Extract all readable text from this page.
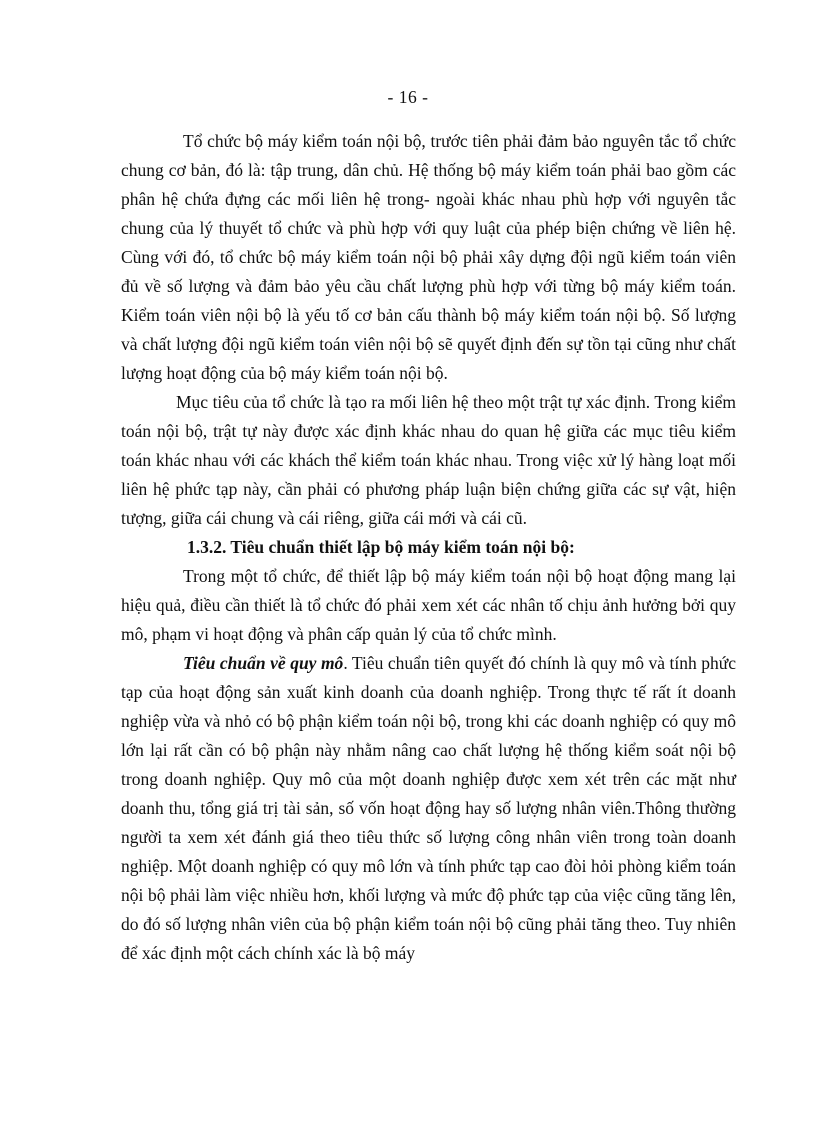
- 16 -

Tổ chức bộ máy kiểm toán nội bộ, trước tiên phải đảm bảo nguyên tắc tổ chức chung cơ bản, đó là: tập trung, dân chủ. Hệ thống bộ máy kiểm toán phải bao gồm các phân hệ chứa đựng các mối liên hệ trong- ngoài khác nhau phù hợp với nguyên tắc chung của lý thuyết tổ chức và phù hợp với quy luật của phép biện chứng về liên hệ. Cùng với đó, tổ chức bộ máy kiểm toán nội bộ phải xây dựng đội ngũ kiểm toán viên đủ về số lượng và đảm bảo yêu cầu chất lượng phù hợp với từng bộ máy kiểm toán. Kiểm toán viên nội bộ là yếu tố cơ bản cấu thành bộ máy kiểm toán nội bộ. Số lượng và chất lượng đội ngũ kiểm toán viên nội bộ sẽ quyết định đến sự tồn tại cũng như chất lượng hoạt động của bộ máy kiểm toán nội bộ.

Mục tiêu của tổ chức là tạo ra mối liên hệ theo một trật tự xác định. Trong kiểm toán nội bộ, trật tự này được xác định khác nhau do quan hệ giữa các mục tiêu kiểm toán khác nhau với các khách thể kiểm toán khác nhau. Trong việc xử lý hàng loạt mối liên hệ phức tạp này, cần phải có phương pháp luận biện chứng giữa các sự vật, hiện tượng, giữa cái chung và cái riêng, giữa cái mới và cái cũ.

1.3.2. Tiêu chuẩn thiết lập bộ máy kiểm toán nội bộ:

Trong một tổ chức, để thiết lập bộ máy kiểm toán nội bộ hoạt động mang lại hiệu quả, điều cần thiết là tổ chức đó phải xem xét các nhân tố chịu ảnh hưởng bởi quy mô, phạm vi hoạt động và phân cấp quản lý của tổ chức mình.

Tiêu chuẩn về quy mô. Tiêu chuẩn tiên quyết đó chính là quy mô và tính phức tạp của hoạt động sản xuất kinh doanh của doanh nghiệp. Trong thực tế rất ít doanh nghiệp vừa và nhỏ có bộ phận kiểm toán nội bộ, trong khi các doanh nghiệp có quy mô lớn lại rất cần có bộ phận này nhằm nâng cao chất lượng hệ thống kiểm soát nội bộ trong doanh nghiệp. Quy mô của một doanh nghiệp được xem xét trên các mặt như doanh thu, tổng giá trị tài sản, số vốn hoạt động hay số lượng nhân viên.Thông thường người ta xem xét đánh giá theo tiêu thức số lượng công nhân viên trong toàn doanh nghiệp. Một doanh nghiệp có quy mô lớn và tính phức tạp cao đòi hỏi phòng kiểm toán nội bộ phải làm việc nhiều hơn, khối lượng và mức độ phức tạp của việc cũng tăng lên, do đó số lượng nhân viên của bộ phận kiểm toán nội bộ cũng phải tăng theo. Tuy nhiên để xác định một cách chính xác là bộ máy
